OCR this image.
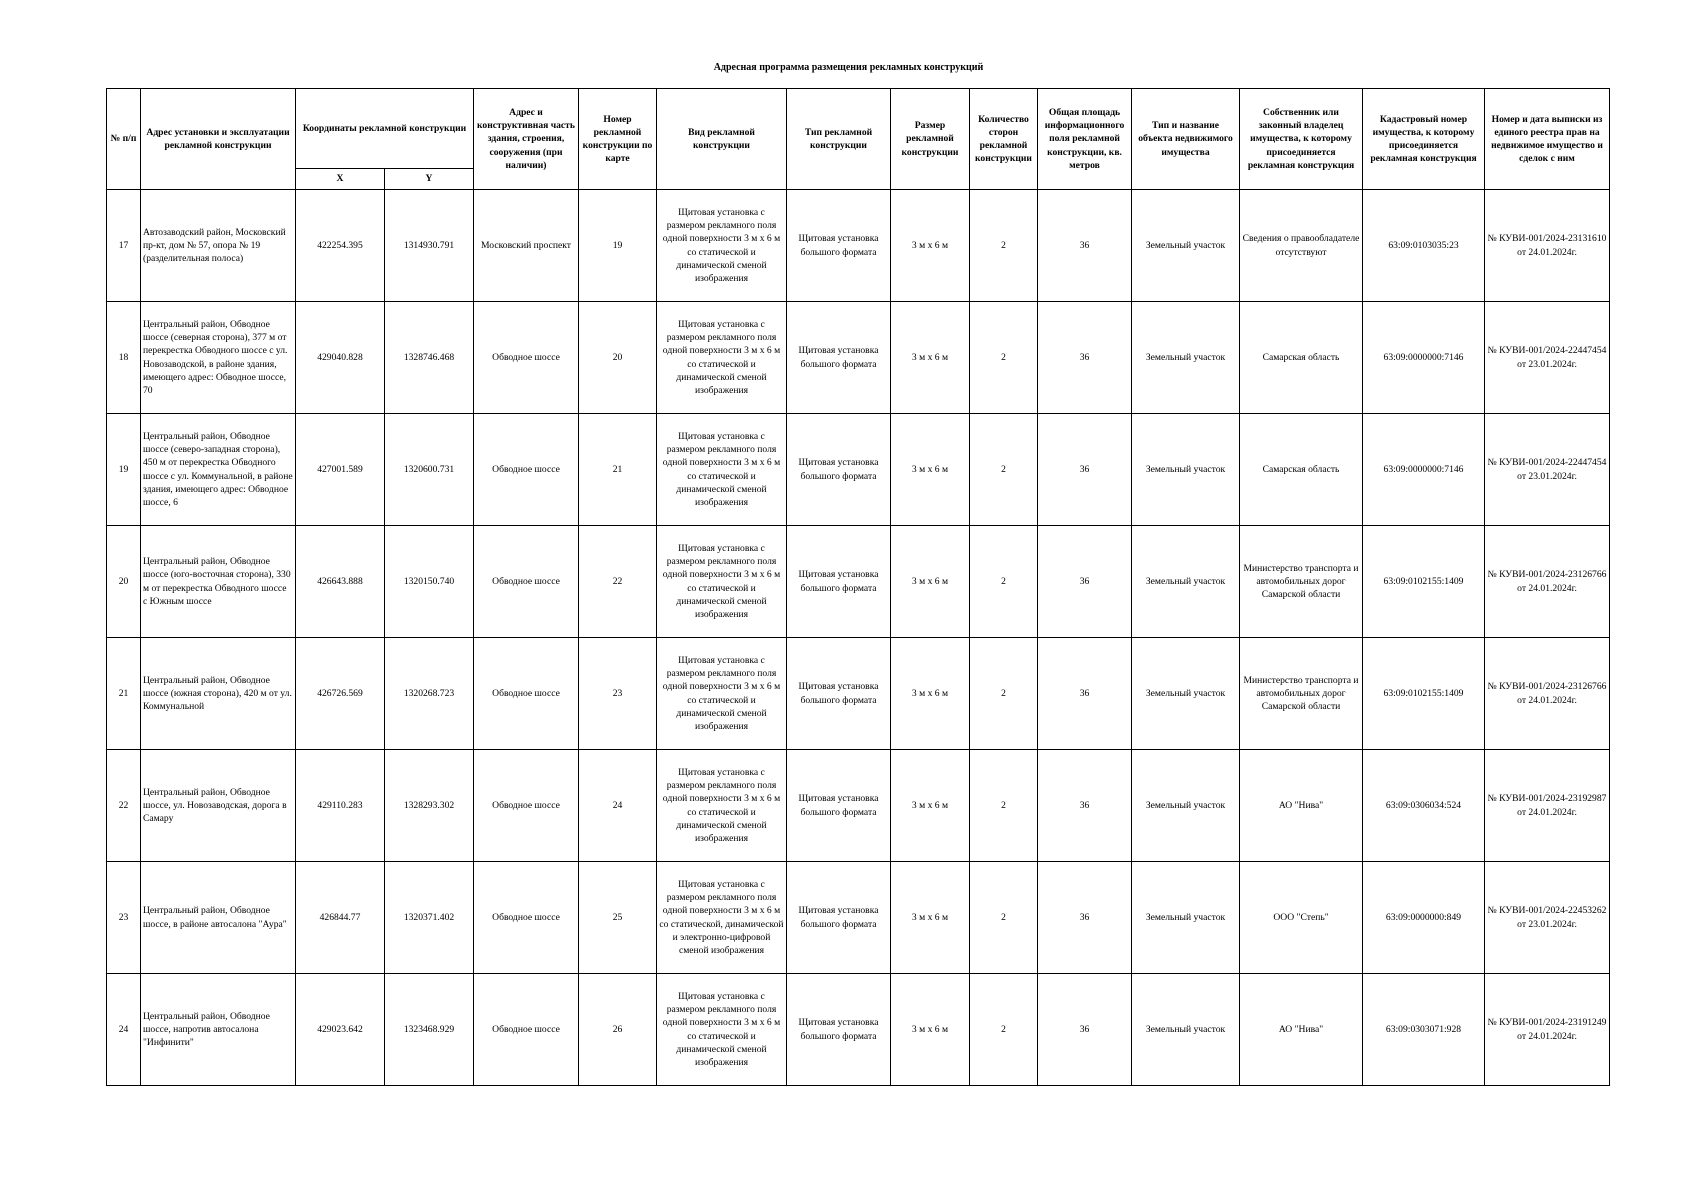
Адресная программа размещения рекламных конструкций
№ п/п	Адрес установки и эксплуатации рекламной конструкции	Координаты рекламной конструкции		Адрес и конструктивная часть здания, строения, сооружения (при наличии)	Номер рекламной конструкции по карте	Вид рекламной конструкции	Тип рекламной конструкции	Размер рекламной конструкции	Количество сторон рекламной конструкции	Общая площадь информационного поля рекламной конструкции, кв. метров	Тип и название объекта недвижимого имущества	Собственник или законный владелец имущества, к которому присоединяется рекламная конструкция	Кадастровый номер имущества, к которому присоединяется рекламная конструкция	Номер и дата выписки из единого реестра прав на недвижимое имущество и сделок с ним
		X	Y											
17	Автозаводский район, Московский пр-кт, дом № 57, опора № 19 (разделительная полоса)	422254.395	1314930.791	Московский проспект	19	Щитовая установка с размером рекламного поля одной поверхности 3 м х 6 м со статической и динамической сменой изображения	Щитовая установка большого формата	3 м х 6 м	2	36	Земельный участок	Сведения о правообладателе отсутствуют	63:09:0103035:23	№ КУВИ-001/2024-23131610 от 24.01.2024г.
18	Центральный район, Обводное шоссе (северная сторона), 377 м от перекрестка Обводного шоссе с ул. Новозаводской, в районе здания, имеющего адрес: Обводное шоссе, 70	429040.828	1328746.468	Обводное шоссе	20	Щитовая установка с размером рекламного поля одной поверхности 3 м х 6 м со статической и динамической сменой изображения	Щитовая установка большого формата	3 м х 6 м	2	36	Земельный участок	Самарская область	63:09:0000000:7146	№ КУВИ-001/2024-22447454 от 23.01.2024г.
19	Центральный район, Обводное шоссе (северо-западная сторона), 450 м от перекрестка Обводного шоссе с ул. Коммунальной, в районе здания, имеющего адрес: Обводное шоссе, 6	427001.589	1320600.731	Обводное шоссе	21	Щитовая установка с размером рекламного поля одной поверхности 3 м х 6 м со статической и динамической сменой изображения	Щитовая установка большого формата	3 м х 6 м	2	36	Земельный участок	Самарская область	63:09:0000000:7146	№ КУВИ-001/2024-22447454 от 23.01.2024г.
20	Центральный район, Обводное шоссе (юго-восточная сторона), 330 м от перекрестка Обводного шоссе с Южным шоссе	426643.888	1320150.740	Обводное шоссе	22	Щитовая установка с размером рекламного поля одной поверхности 3 м х 6 м со статической и динамической сменой изображения	Щитовая установка большого формата	3 м х 6 м	2	36	Земельный участок	Министерство транспорта и автомобильных дорог Самарской области	63:09:0102155:1409	№ КУВИ-001/2024-23126766 от 24.01.2024г.
21	Центральный район, Обводное шоссе (южная сторона), 420 м от ул. Коммунальной	426726.569	1320268.723	Обводное шоссе	23	Щитовая установка с размером рекламного поля одной поверхности 3 м х 6 м со статической и динамической сменой изображения	Щитовая установка большого формата	3 м х 6 м	2	36	Земельный участок	Министерство транспорта и автомобильных дорог Самарской области	63:09:0102155:1409	№ КУВИ-001/2024-23126766 от 24.01.2024г.
22	Центральный район, Обводное шоссе, ул. Новозаводская, дорога в Самару	429110.283	1328293.302	Обводное шоссе	24	Щитовая установка с размером рекламного поля одной поверхности 3 м х 6 м со статической и динамической сменой изображения	Щитовая установка большого формата	3 м х 6 м	2	36	Земельный участок	АО "Нива"	63:09:0306034:524	№ КУВИ-001/2024-23192987 от 24.01.2024г.
23	Центральный район, Обводное шоссе, в районе автосалона "Аура"	426844.77	1320371.402	Обводное шоссе	25	Щитовая установка с размером рекламного поля одной поверхности 3 м х 6 м со статической, динамической и электронно-цифровой сменой изображения	Щитовая установка большого формата	3 м х 6 м	2	36	Земельный участок	ООО "Степь"	63:09:0000000:849	№ КУВИ-001/2024-22453262 от 23.01.2024г.
24	Центральный район, Обводное шоссе, напротив автосалона "Инфинити"	429023.642	1323468.929	Обводное шоссе	26	Щитовая установка с размером рекламного поля одной поверхности 3 м х 6 м со статической и динамической сменой изображения	Щитовая установка большого формата	3 м х 6 м	2	36	Земельный участок	АО "Нива"	63:09:0303071:928	№ КУВИ-001/2024-23191249 от 24.01.2024г.
